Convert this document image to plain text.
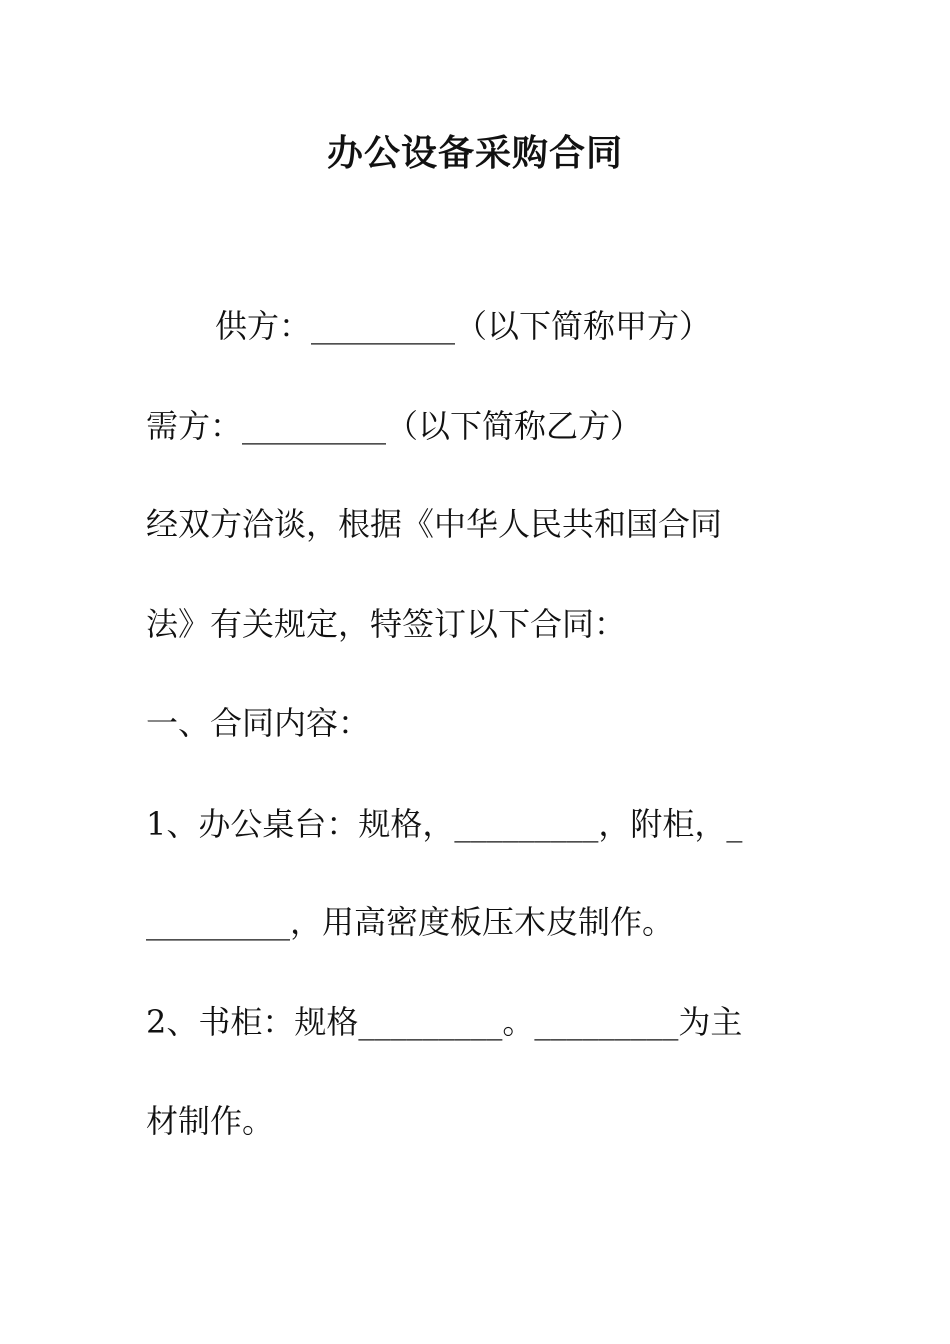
办公设备采购合同
供方：_________（以下简称甲方）
需方：_________（以下简称乙方）
经双方洽谈，根据《中华人民共和国合同
法》有关规定，特签订以下合同：
一、合同内容：
1、办公桌台：规格，_________，附柜，_
_________，用高密度板压木皮制作。
2、书柜：规格_________。_________为主
材制作。
